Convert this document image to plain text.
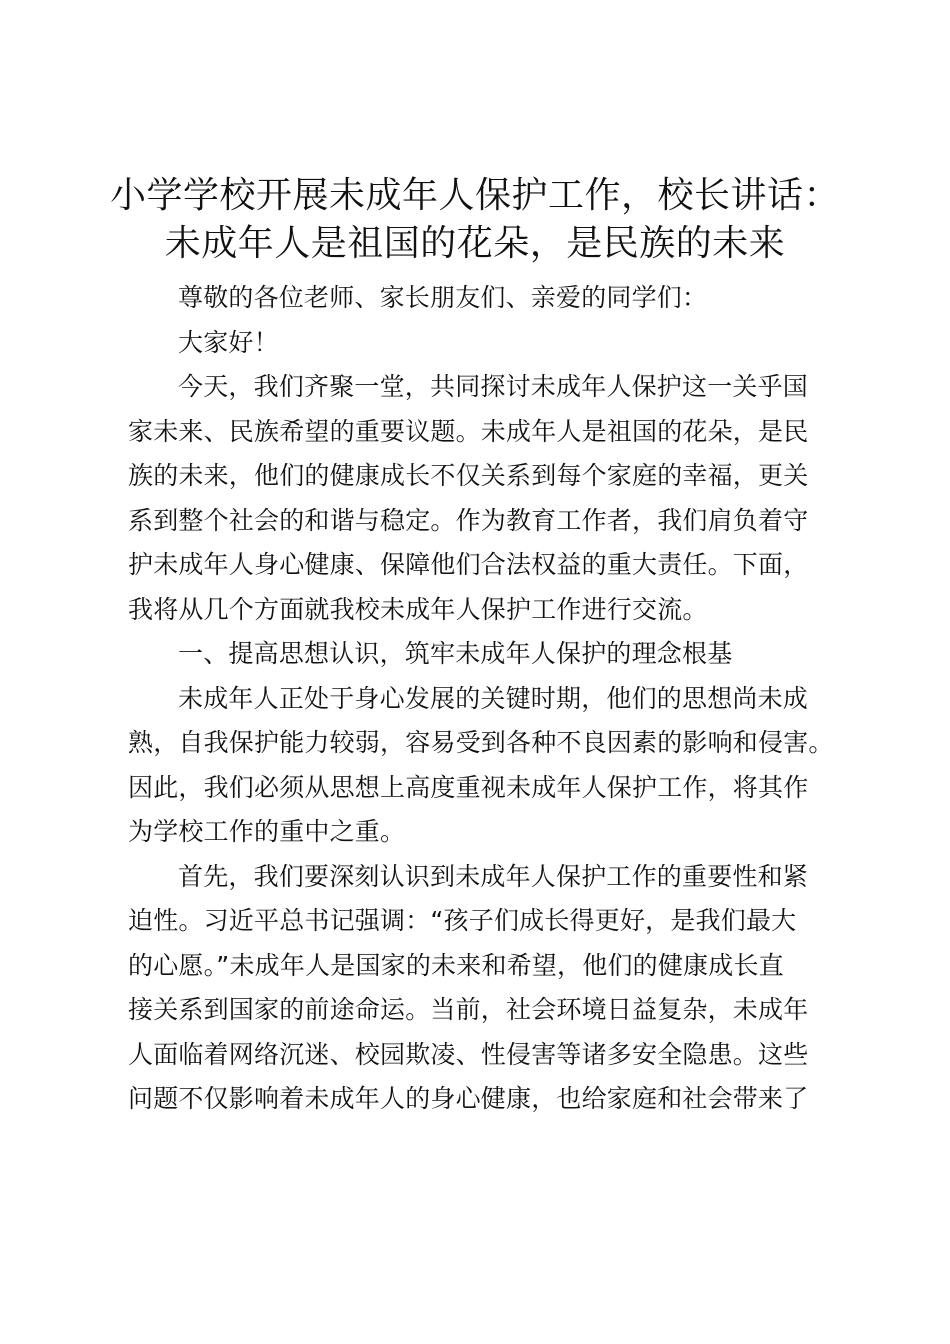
小学学校开展未成年人保护工作，校长讲话：
未成年人是祖国的花朵，是民族的未来

尊敬的各位老师、家长朋友们、亲爱的同学们：

大家好！

今天，我们齐聚一堂，共同探讨未成年人保护这一关乎国
家未来、民族希望的重要议题。未成年人是祖国的花朵，是民
族的未来，他们的健康成长不仅关系到每个家庭的幸福，更关
系到整个社会的和谐与稳定。作为教育工作者，我们肩负着守
护未成年人身心健康、保障他们合法权益的重大责任。下面，
我将从几个方面就我校未成年人保护工作进行交流。

一、提高思想认识，筑牢未成年人保护的理念根基

未成年人正处于身心发展的关键时期，他们的思想尚未成
熟，自我保护能力较弱，容易受到各种不良因素的影响和侵害。
因此，我们必须从思想上高度重视未成年人保护工作，将其作
为学校工作的重中之重。

首先，我们要深刻认识到未成年人保护工作的重要性和紧
迫性。习近平总书记强调：“孩子们成长得更好，是我们最大
的心愿。”未成年人是国家的未来和希望，他们的健康成长直
接关系到国家的前途命运。当前，社会环境日益复杂，未成年
人面临着网络沉迷、校园欺凌、性侵害等诸多安全隐患。这些
问题不仅影响着未成年人的身心健康，也给家庭和社会带来了
